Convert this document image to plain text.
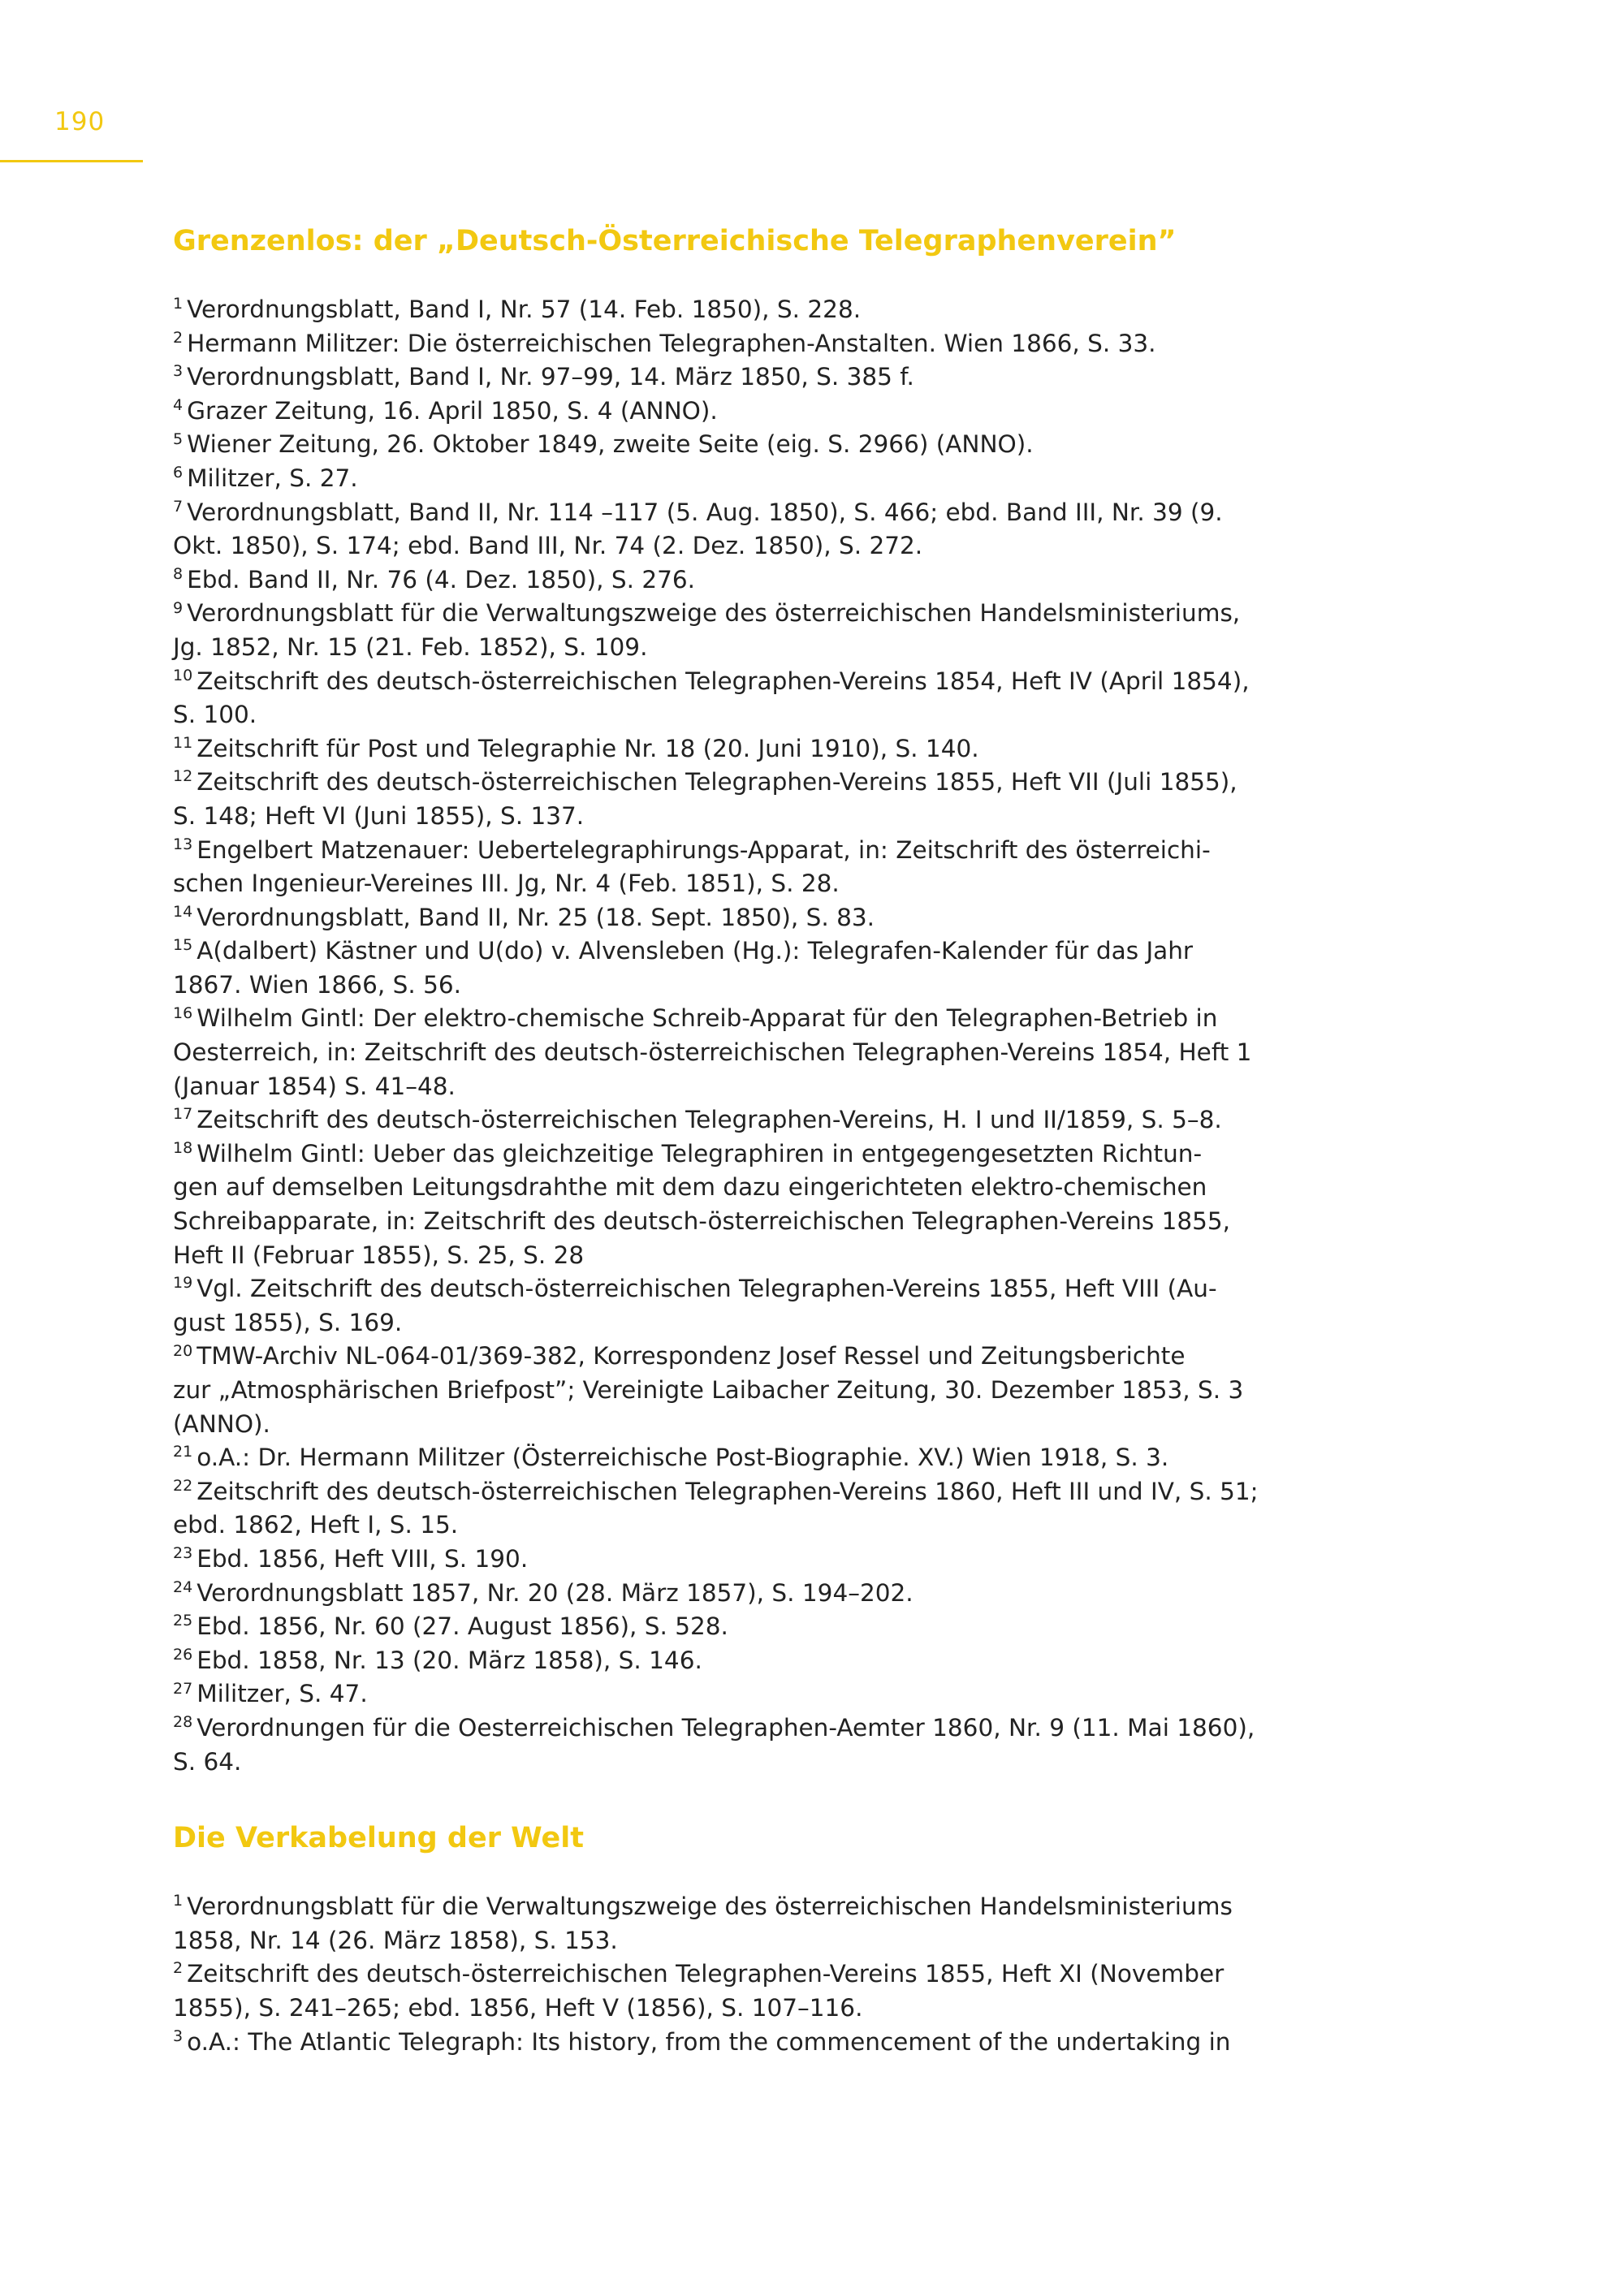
190
Grenzenlos: der „Deutsch-Österreichische Telegraphenverein”
$^1$ Verordnungsblatt, Band I, Nr. 57 (14. Feb. 1850), S. 228.
$^2$ Hermann Militzer: Die österreichischen Telegraphen-Anstalten. Wien 1866, S. 33.
$^3$ Verordnungsblatt, Band I, Nr. 97–99, 14. März 1850, S. 385 f.
$^4$ Grazer Zeitung, 16. April 1850, S. 4 (ANNO).
$^5$ Wiener Zeitung, 26. Oktober 1849, zweite Seite (eig. S. 2966) (ANNO).
$^6$ Militzer, S. 27.
$^7$ Verordnungsblatt, Band II, Nr. 114 –117 (5. Aug. 1850), S. 466; ebd. Band III, Nr. 39 (9.
Okt. 1850), S. 174; ebd. Band III, Nr. 74 (2. Dez. 1850), S. 272.
$^8$ Ebd. Band II, Nr. 76 (4. Dez. 1850), S. 276.
$^9$ Verordnungsblatt für die Verwaltungszweige des österreichischen Handelsministeriums,
Jg. 1852, Nr. 15 (21. Feb. 1852), S. 109.
$^{10}$ Zeitschrift des deutsch-österreichischen Telegraphen-Vereins 1854, Heft IV (April 1854),
S. 100.
$^{11}$ Zeitschrift für Post und Telegraphie Nr. 18 (20. Juni 1910), S. 140.
$^{12}$ Zeitschrift des deutsch-österreichischen Telegraphen-Vereins 1855, Heft VII (Juli 1855),
S. 148; Heft VI (Juni 1855), S. 137.
$^{13}$ Engelbert Matzenauer: Uebertelegraphirungs-Apparat, in: Zeitschrift des österreichi-
schen Ingenieur-Vereines III. Jg, Nr. 4 (Feb. 1851), S. 28.
$^{14}$ Verordnungsblatt, Band II, Nr. 25 (18. Sept. 1850), S. 83.
$^{15}$ A(dalbert) Kästner und U(do) v. Alvensleben (Hg.): Telegrafen-Kalender für das Jahr
1867. Wien 1866, S. 56.
$^{16}$ Wilhelm Gintl: Der elektro-chemische Schreib-Apparat für den Telegraphen-Betrieb in
Oesterreich, in: Zeitschrift des deutsch-österreichischen Telegraphen-Vereins 1854, Heft 1
(Januar 1854) S. 41–48.
$^{17}$ Zeitschrift des deutsch-österreichischen Telegraphen-Vereins, H. I und II/1859, S. 5–8.
$^{18}$ Wilhelm Gintl: Ueber das gleichzeitige Telegraphiren in entgegengesetzten Richtun-
gen auf demselben Leitungsdrahthe mit dem dazu eingerichteten elektro-chemischen
Schreibapparate, in: Zeitschrift des deutsch-österreichischen Telegraphen-Vereins 1855,
Heft II (Februar 1855), S. 25, S. 28
$^{19}$ Vgl. Zeitschrift des deutsch-österreichischen Telegraphen-Vereins 1855, Heft VIII (Au-
gust 1855), S. 169.
$^{20}$ TMW-Archiv NL-064-01/369-382, Korrespondenz Josef Ressel und Zeitungsberichte
zur „Atmosphärischen Briefpost”; Vereinigte Laibacher Zeitung, 30. Dezember 1853, S. 3
(ANNO).
$^{21}$ o.A.: Dr. Hermann Militzer (Österreichische Post-Biographie. XV.) Wien 1918, S. 3.
$^{22}$ Zeitschrift des deutsch-österreichischen Telegraphen-Vereins 1860, Heft III und IV, S. 51;
ebd. 1862, Heft I, S. 15.
$^{23}$ Ebd. 1856, Heft VIII, S. 190.
$^{24}$ Verordnungsblatt 1857, Nr. 20 (28. März 1857), S. 194–202.
$^{25}$ Ebd. 1856, Nr. 60 (27. August 1856), S. 528.
$^{26}$ Ebd. 1858, Nr. 13 (20. März 1858), S. 146.
$^{27}$ Militzer, S. 47.
$^{28}$ Verordnungen für die Oesterreichischen Telegraphen-Aemter 1860, Nr. 9 (11. Mai 1860),
S. 64.
Die Verkabelung der Welt
$^1$ Verordnungsblatt für die Verwaltungszweige des österreichischen Handelsministeriums
1858, Nr. 14 (26. März 1858), S. 153.
$^2$ Zeitschrift des deutsch-österreichischen Telegraphen-Vereins 1855, Heft XI (November
1855), S. 241–265; ebd. 1856, Heft V (1856), S. 107–116.
$^3$ o.A.: The Atlantic Telegraph: Its history, from the commencement of the undertaking in
